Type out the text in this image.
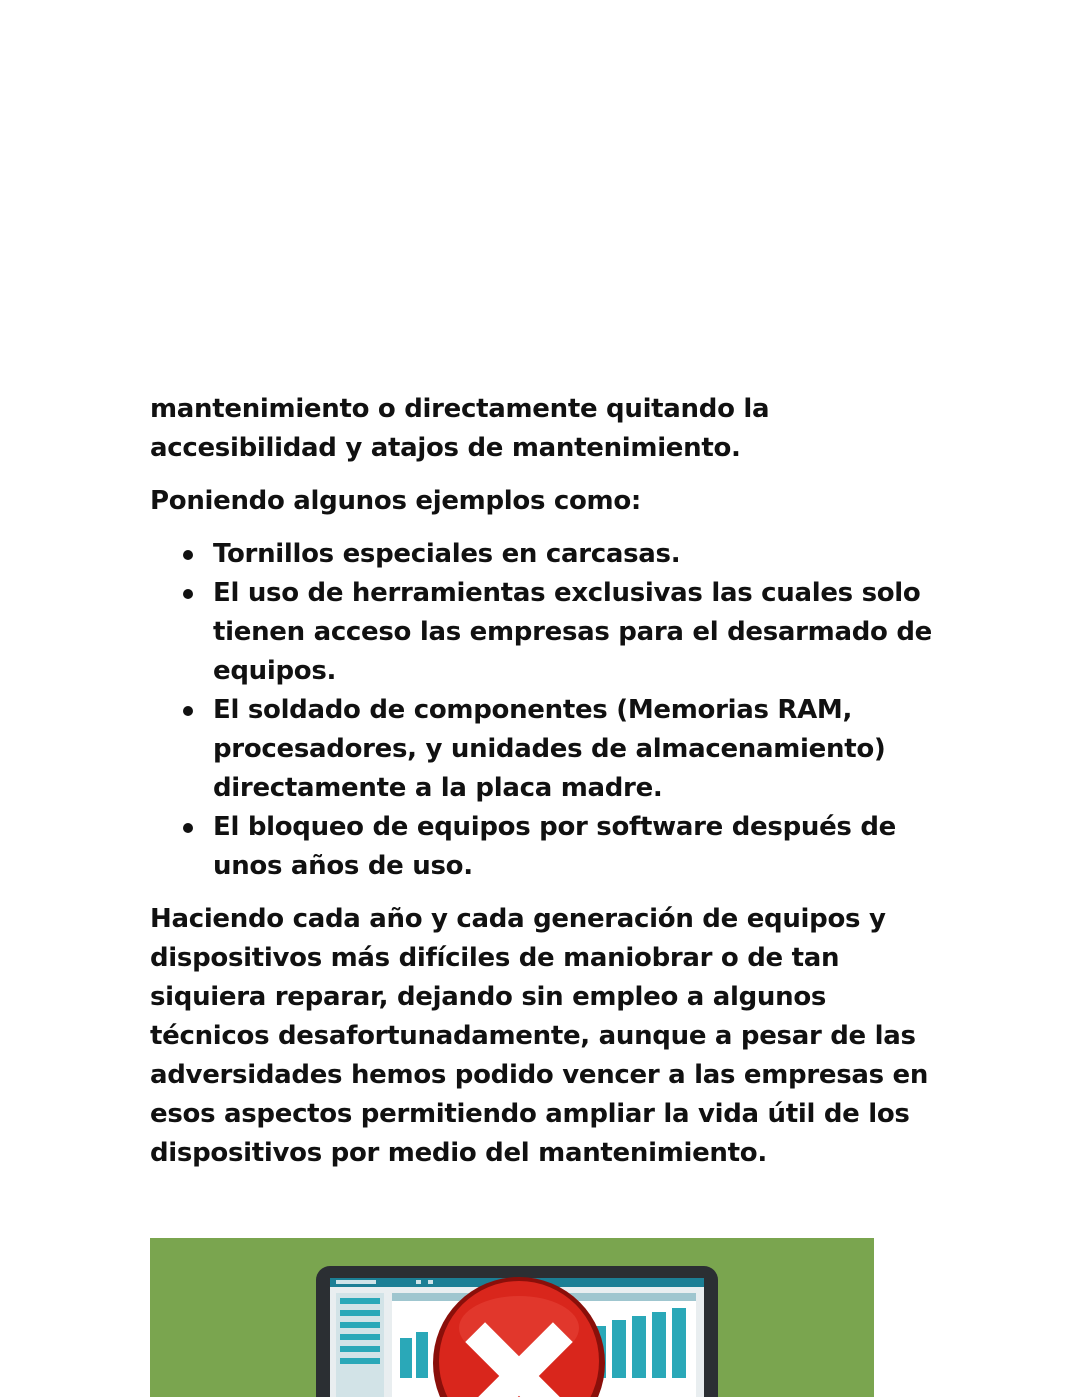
mantenimiento o directamente quitando la accesibilidad y atajos de mantenimiento.

Poniendo algunos ejemplos como:

Tornillos especiales en carcasas.
El uso de herramientas exclusivas las cuales solo tienen acceso las empresas para el desarmado de equipos.
El soldado de componentes (Memorias RAM, procesadores, y unidades de almacenamiento) directamente a la placa madre.
El bloqueo de equipos por software después de unos años de uso.

Haciendo cada año y cada generación de equipos y dispositivos más difíciles de maniobrar o de tan siquiera reparar, dejando sin empleo a algunos técnicos desafortunadamente, aunque a pesar de las adversidades hemos podido vencer a las empresas en esos aspectos permitiendo ampliar la vida útil de los dispositivos por medio del mantenimiento.
